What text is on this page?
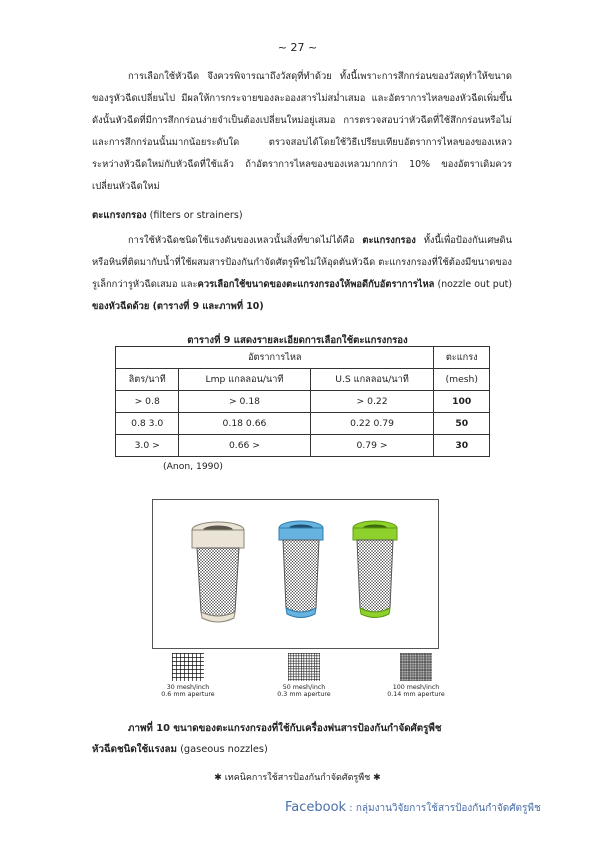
~ 27 ~

การเลือกใช้หัวฉีด จึงควรพิจารณาถึงวัสดุที่ทำด้วย ทั้งนี้เพราะการสึกกร่อนของวัสดุทำให้ขนาดของรูหัวฉีดเปลี่ยนไป มีผลให้การกระจายของละอองสารไม่สม่ำเสมอ และอัตราการไหลของหัวฉีดเพิ่มขึ้น ดังนั้นหัวฉีดที่มีการสึกกร่อนง่ายจำเป็นต้องเปลี่ยนใหม่อยู่เสมอ การตรวจสอบว่าหัวฉีดที่ใช้สึกกร่อนหรือไม่ และการสึกกร่อนนั้นมากน้อยระดับใด ตรวจสอบได้โดยใช้วิธีเปรียบเทียบอัตราการไหลของของเหลว ระหว่างหัวฉีดใหม่กับหัวฉีดที่ใช้แล้ว ถ้าอัตราการไหลของของเหลวมากกว่า 10% ของอัตราเดิมควรเปลี่ยนหัวฉีดใหม่

ตะแกรงกรอง (filters or strainers)

การใช้หัวฉีดชนิดใช้แรงดันของเหลวนั้นสิ่งที่ขาดไม่ได้คือ ตะแกรงกรอง ทั้งนี้เพื่อป้องกันเศษดินหรือหินที่ติดมากับน้ำที่ใช้ผสมสารป้องกันกำจัดศัตรูพืชไม่ให้อุดตันหัวฉีด ตะแกรงกรองที่ใช้ต้องมีขนาดของรูเล็กกว่ารูหัวฉีดเสมอ และควรเลือกใช้ขนาดของตะแกรงกรองให้พอดีกับอัตราการไหล (nozzle out put) ของหัวฉีดด้วย (ตารางที่ 9 และภาพที่ 10)

ตารางที่ 9 แสดงรายละเอียดการเลือกใช้ตะแกรงกรอง
อัตราการไหล			ตะแกรง
ลิตร/นาที	Lmp แกลลอน/นาที	U.S แกลลอน/นาที	(mesh)
> 0.8	> 0.18	> 0.22	100
0.8 3.0	0.18 0.66	0.22 0.79	50
3.0 >	0.66 >	0.79 >	30
(Anon, 1990)
30 mesh/inch
0.6 mm aperture
50 mesh/inch
0.3 mm aperture
100 mesh/inch
0.14 mm aperture
ภาพที่ 10 ขนาดของตะแกรงกรองที่ใช้กับเครื่องพ่นสารป้องกันกำจัดศัตรูพืช
หัวฉีดชนิดใช้แรงลม (gaseous nozzles)
✱ เทคนิคการใช้สารป้องกันกำจัดศัตรูพืช ✱
Facebook : กลุ่มงานวิจัยการใช้สารป้องกันกำจัดศัตรูพืช
